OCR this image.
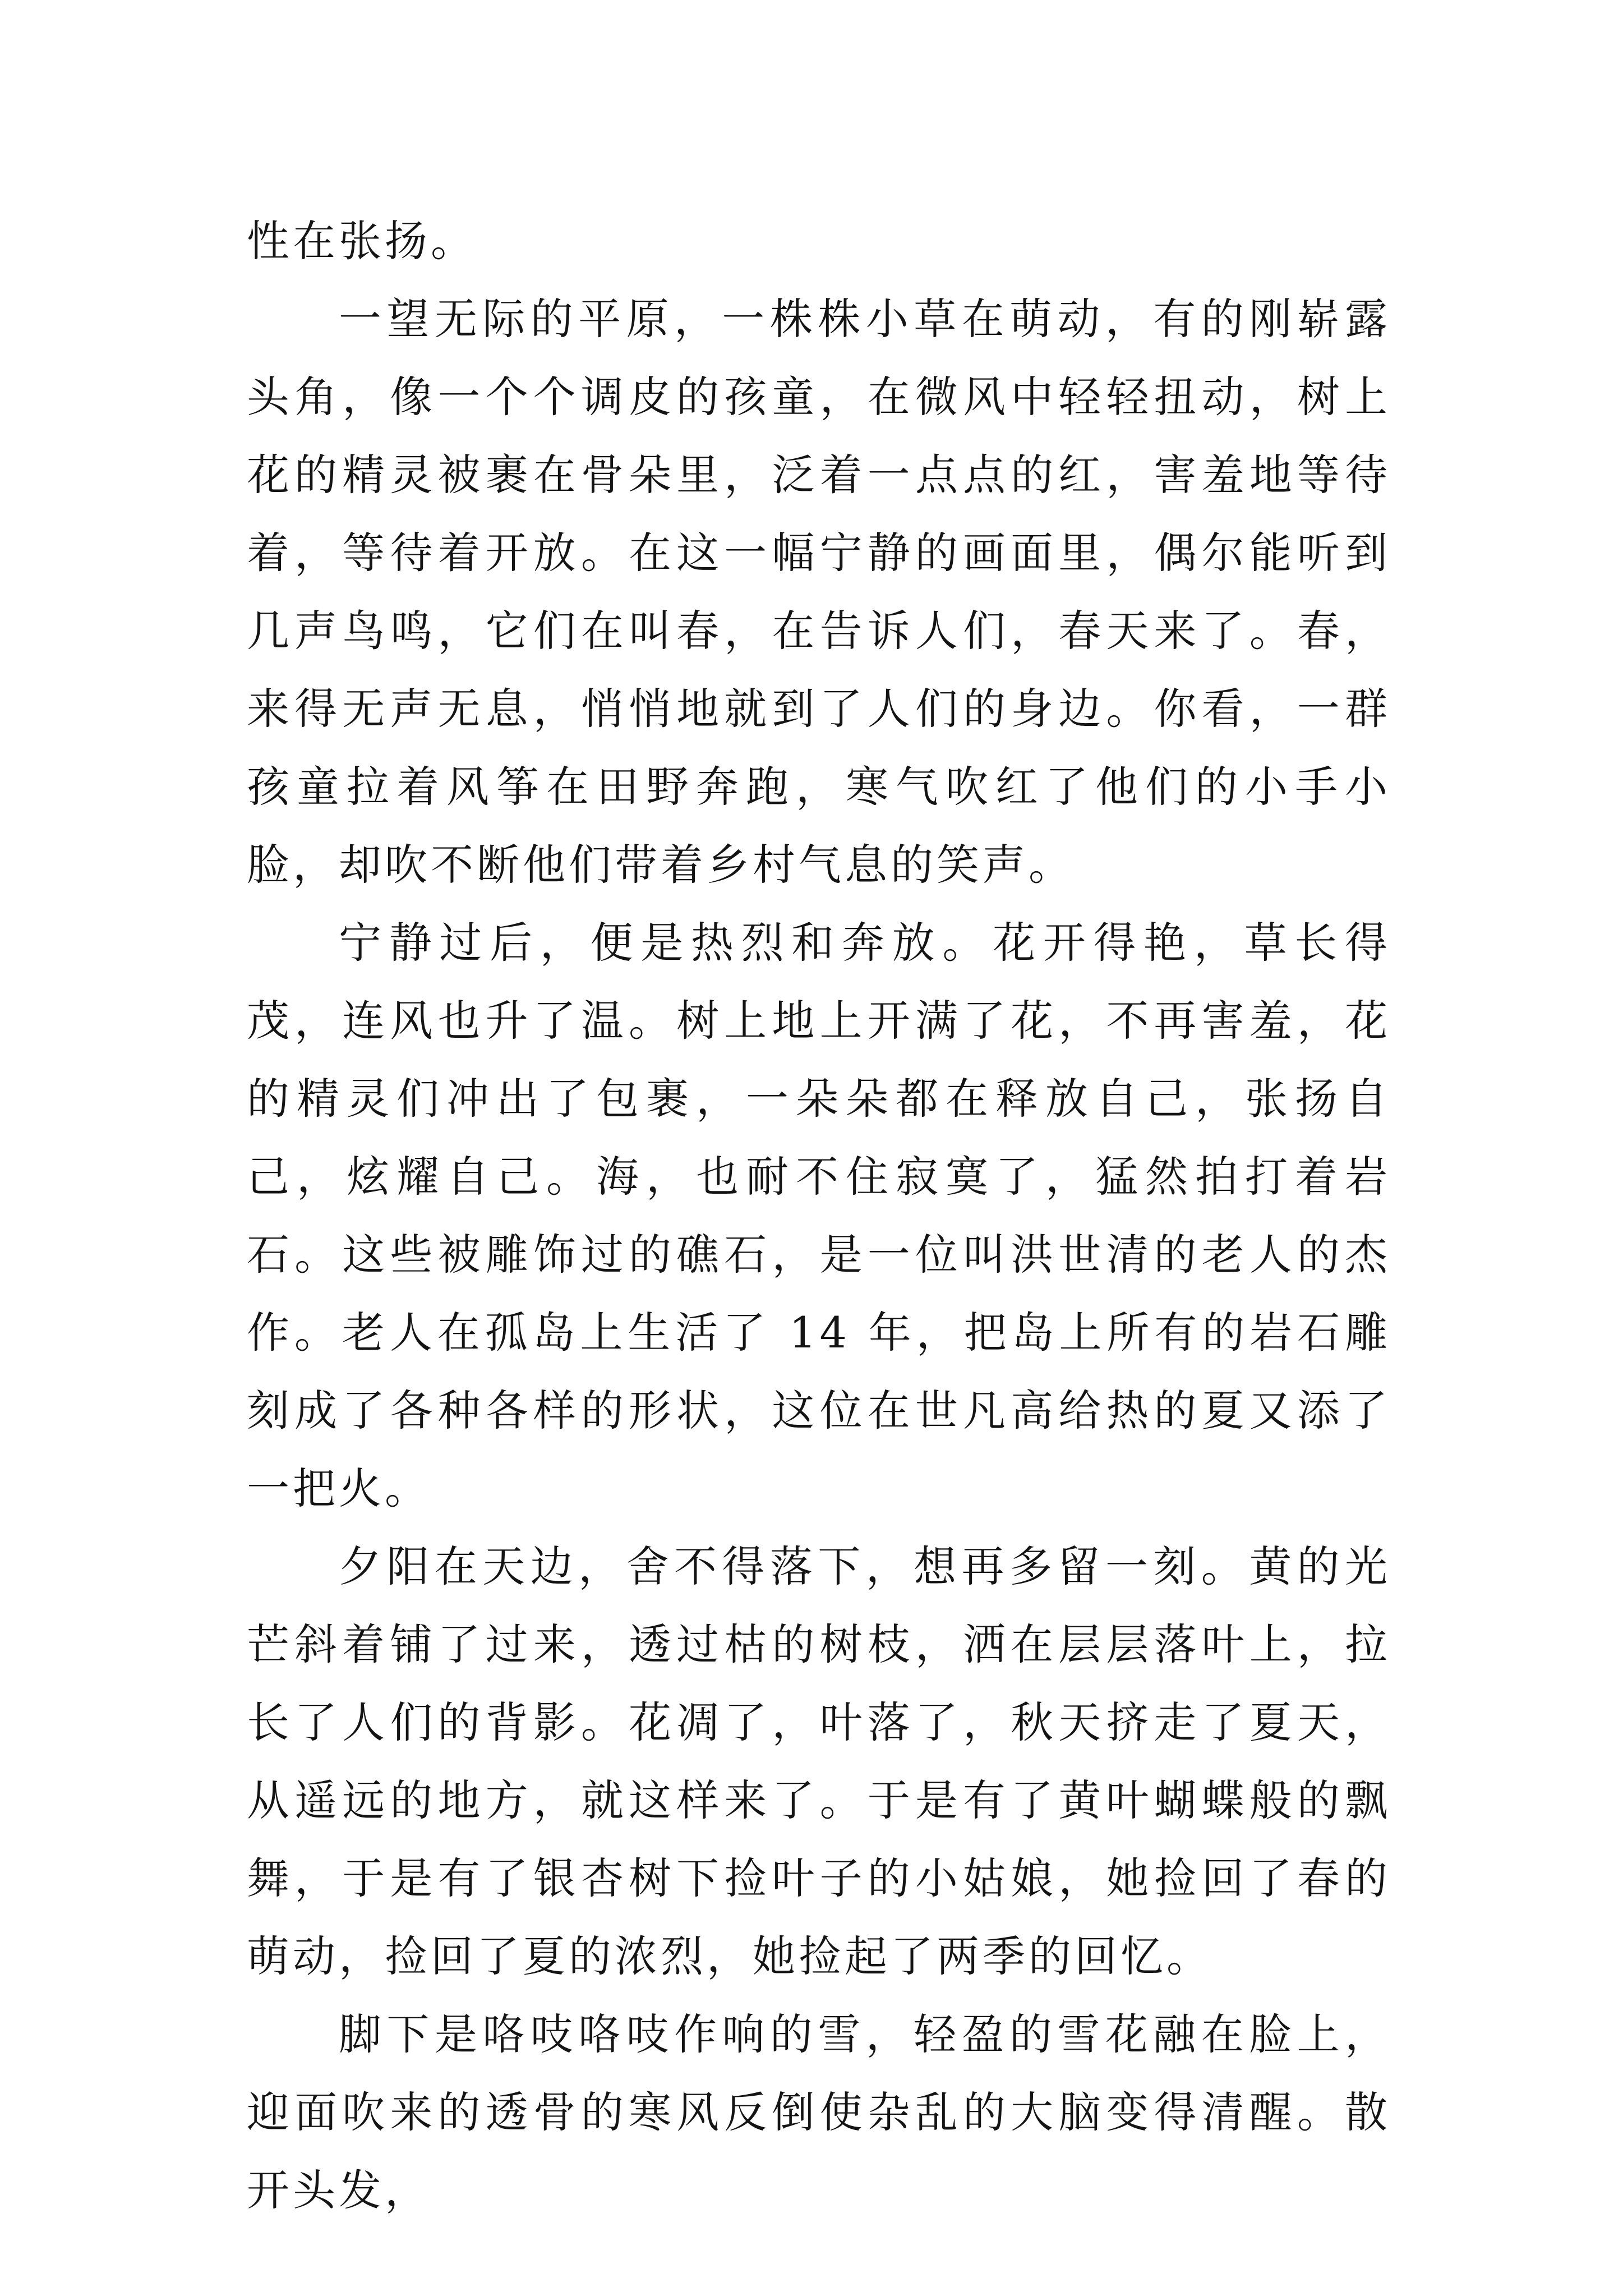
性在张扬。

一望无际的平原，一株株小草在萌动，有的刚崭露头角，像一个个调皮的孩童，在微风中轻轻扭动，树上花的精灵被裹在骨朵里，泛着一点点的红，害羞地等待着，等待着开放。在这一幅宁静的画面里，偶尔能听到几声鸟鸣，它们在叫春，在告诉人们，春天来了。春，来得无声无息，悄悄地就到了人们的身边。你看，一群孩童拉着风筝在田野奔跑，寒气吹红了他们的小手小脸，却吹不断他们带着乡村气息的笑声。

宁静过后，便是热烈和奔放。花开得艳，草长得茂，连风也升了温。树上地上开满了花，不再害羞，花的精灵们冲出了包裹，一朵朵都在释放自己，张扬自己，炫耀自己。海，也耐不住寂寞了，猛然拍打着岩石。这些被雕饰过的礁石，是一位叫洪世清的老人的杰作。老人在孤岛上生活了 14 年，把岛上所有的岩石雕刻成了各种各样的形状，这位在世凡高给热的夏又添了一把火。

夕阳在天边，舍不得落下，想再多留一刻。黄的光芒斜着铺了过来，透过枯的树枝，洒在层层落叶上，拉长了人们的背影。花凋了，叶落了，秋天挤走了夏天，从遥远的地方，就这样来了。于是有了黄叶蝴蝶般的飘舞，于是有了银杏树下捡叶子的小姑娘，她捡回了春的萌动，捡回了夏的浓烈，她捡起了两季的回忆。

脚下是咯吱咯吱作响的雪，轻盈的雪花融在脸上，迎面吹来的透骨的寒风反倒使杂乱的大脑变得清醒。散开头发，
